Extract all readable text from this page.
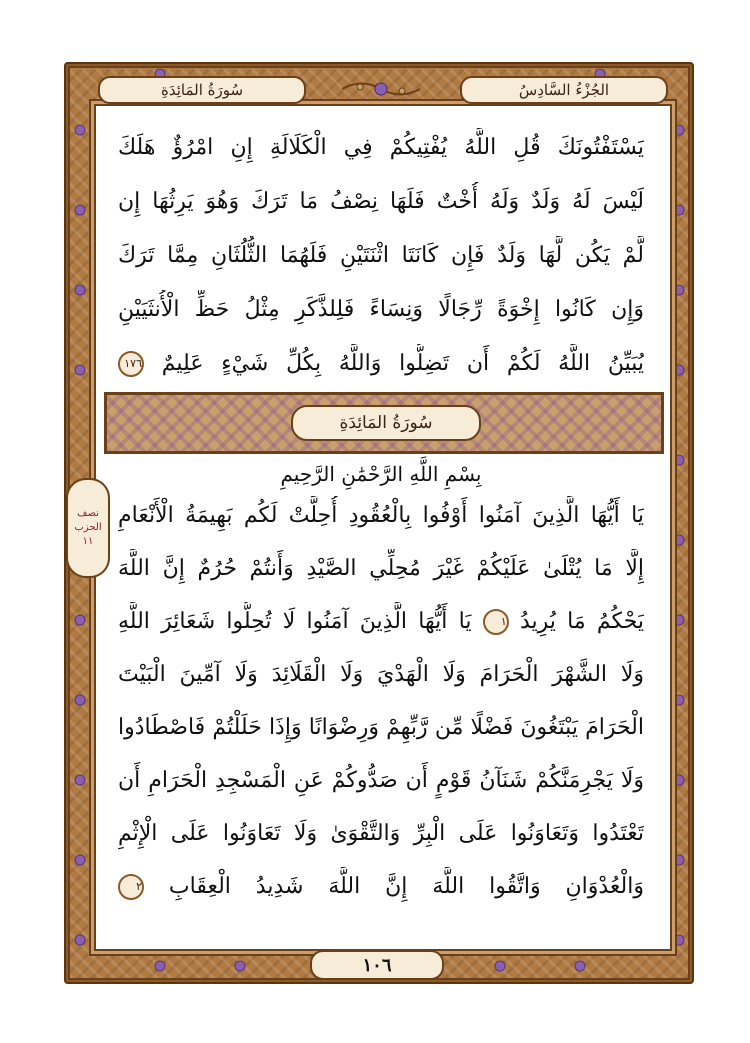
الجُزْءُ السَّادِسُ
سُورَةُ المَائِدَةِ
يَسْتَفْتُونَكَ قُلِ اللَّهُ يُفْتِيكُمْ فِي الْكَلَالَةِ إِنِ امْرُؤٌ هَلَكَ
لَيْسَ لَهُ وَلَدٌ وَلَهُ أُخْتٌ فَلَهَا نِصْفُ مَا تَرَكَ وَهُوَ يَرِثُهَا إِن
لَّمْ يَكُن لَّهَا وَلَدٌ فَإِن كَانَتَا اثْنَتَيْنِ فَلَهُمَا الثُّلُثَانِ مِمَّا تَرَكَ
وَإِن كَانُوا إِخْوَةً رِّجَالًا وَنِسَاءً فَلِلذَّكَرِ مِثْلُ حَظِّ الْأُنثَيَيْنِ
يُبَيِّنُ اللَّهُ لَكُمْ أَن تَضِلُّوا وَاللَّهُ بِكُلِّ شَيْءٍ عَلِيمٌ ١٧٦
سُورَةُ المَائِدَةِ
بِسْمِ اللَّهِ الرَّحْمَٰنِ الرَّحِيمِ
نصف
الحزب
١١
يَا أَيُّهَا الَّذِينَ آمَنُوا أَوْفُوا بِالْعُقُودِ أُحِلَّتْ لَكُم بَهِيمَةُ الْأَنْعَامِ
إِلَّا مَا يُتْلَىٰ عَلَيْكُمْ غَيْرَ مُحِلِّي الصَّيْدِ وَأَنتُمْ حُرُمٌ إِنَّ اللَّهَ
يَحْكُمُ مَا يُرِيدُ ١ يَا أَيُّهَا الَّذِينَ آمَنُوا لَا تُحِلُّوا شَعَائِرَ اللَّهِ
وَلَا الشَّهْرَ الْحَرَامَ وَلَا الْهَدْيَ وَلَا الْقَلَائِدَ وَلَا آمِّينَ الْبَيْتَ
الْحَرَامَ يَبْتَغُونَ فَضْلًا مِّن رَّبِّهِمْ وَرِضْوَانًا وَإِذَا حَلَلْتُمْ فَاصْطَادُوا
وَلَا يَجْرِمَنَّكُمْ شَنَآنُ قَوْمٍ أَن صَدُّوكُمْ عَنِ الْمَسْجِدِ الْحَرَامِ أَن
تَعْتَدُوا وَتَعَاوَنُوا عَلَى الْبِرِّ وَالتَّقْوَىٰ وَلَا تَعَاوَنُوا عَلَى الْإِثْمِ
وَالْعُدْوَانِ وَاتَّقُوا اللَّهَ إِنَّ اللَّهَ شَدِيدُ الْعِقَابِ ٢
١٠٦
